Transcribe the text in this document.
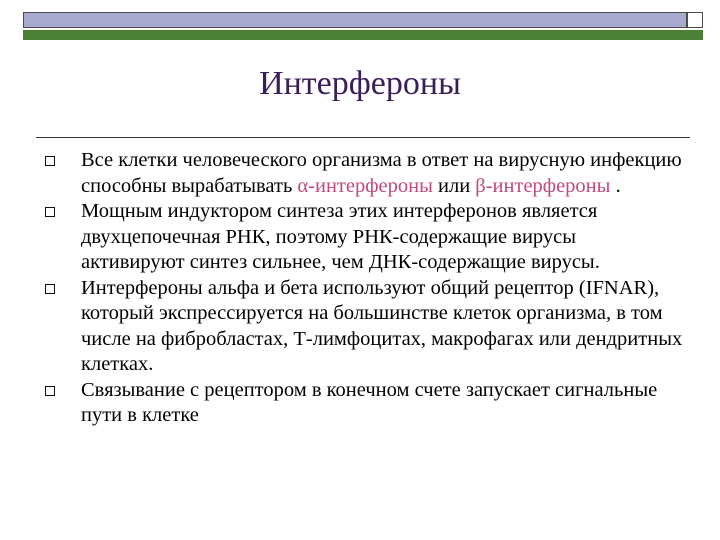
Интерфероны
Все клетки человеческого организма в ответ на вирусную инфекцию способны вырабатывать α-интерфероны или β-интерфероны .
Мощным индуктором синтеза этих интерферонов является двухцепочечная РНК, поэтому РНК-содержащие вирусы активируют синтез сильнее, чем ДНК-содержащие вирусы.
Интерфероны альфа и бета используют общий рецептор (IFNAR), который экспрессируется на большинстве клеток организма, в том числе на фибробластах, Т-лимфоцитах, макрофагах или дендритных клетках.
Связывание с рецептором в конечном счете запускает сигнальные пути в клетке
